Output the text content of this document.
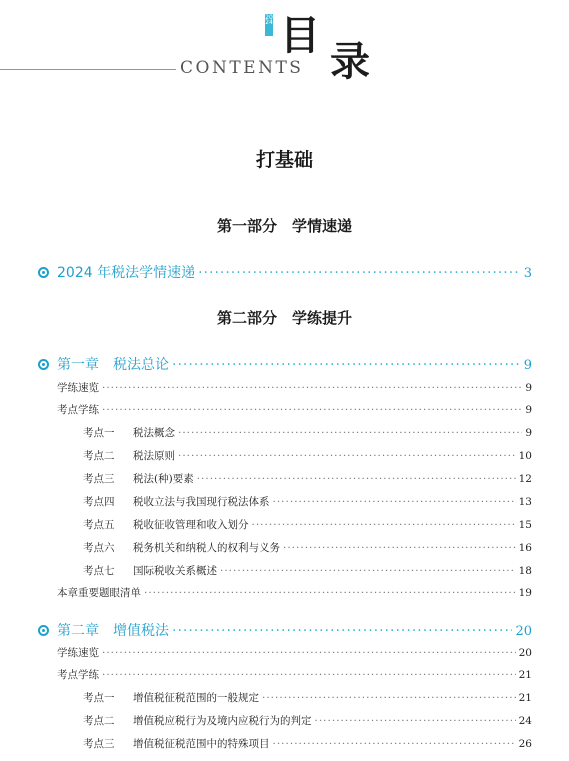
CONTENTS
2024 目
录
打基础
第一部分　学情速递
2024 年税法学情速递 ·····	3
第二部分　学练提升
第一章　税法总论 ·····	9
学练速览 ·····	9
考点学练 ·····	9
考点一 税法概念 ·····	9
考点二 税法原则 ·····	10
考点三 税法(种)要素 ·····	12
考点四 税收立法与我国现行税法体系 ·····	13
考点五 税收征收管理和收入划分 ·····	15
考点六 税务机关和纳税人的权利与义务 ·····	16
考点七 国际税收关系概述 ·····	18
本章重要题眼清单 ·····	19
第二章　增值税法 ·····	20
学练速览 ·····	20
考点学练 ·····	21
考点一 增值税征税范围的一般规定 ·····	21
考点二 增值税应税行为及境内应税行为的判定 ·····	24
考点三 增值税征税范围中的特殊项目 ·····	26
